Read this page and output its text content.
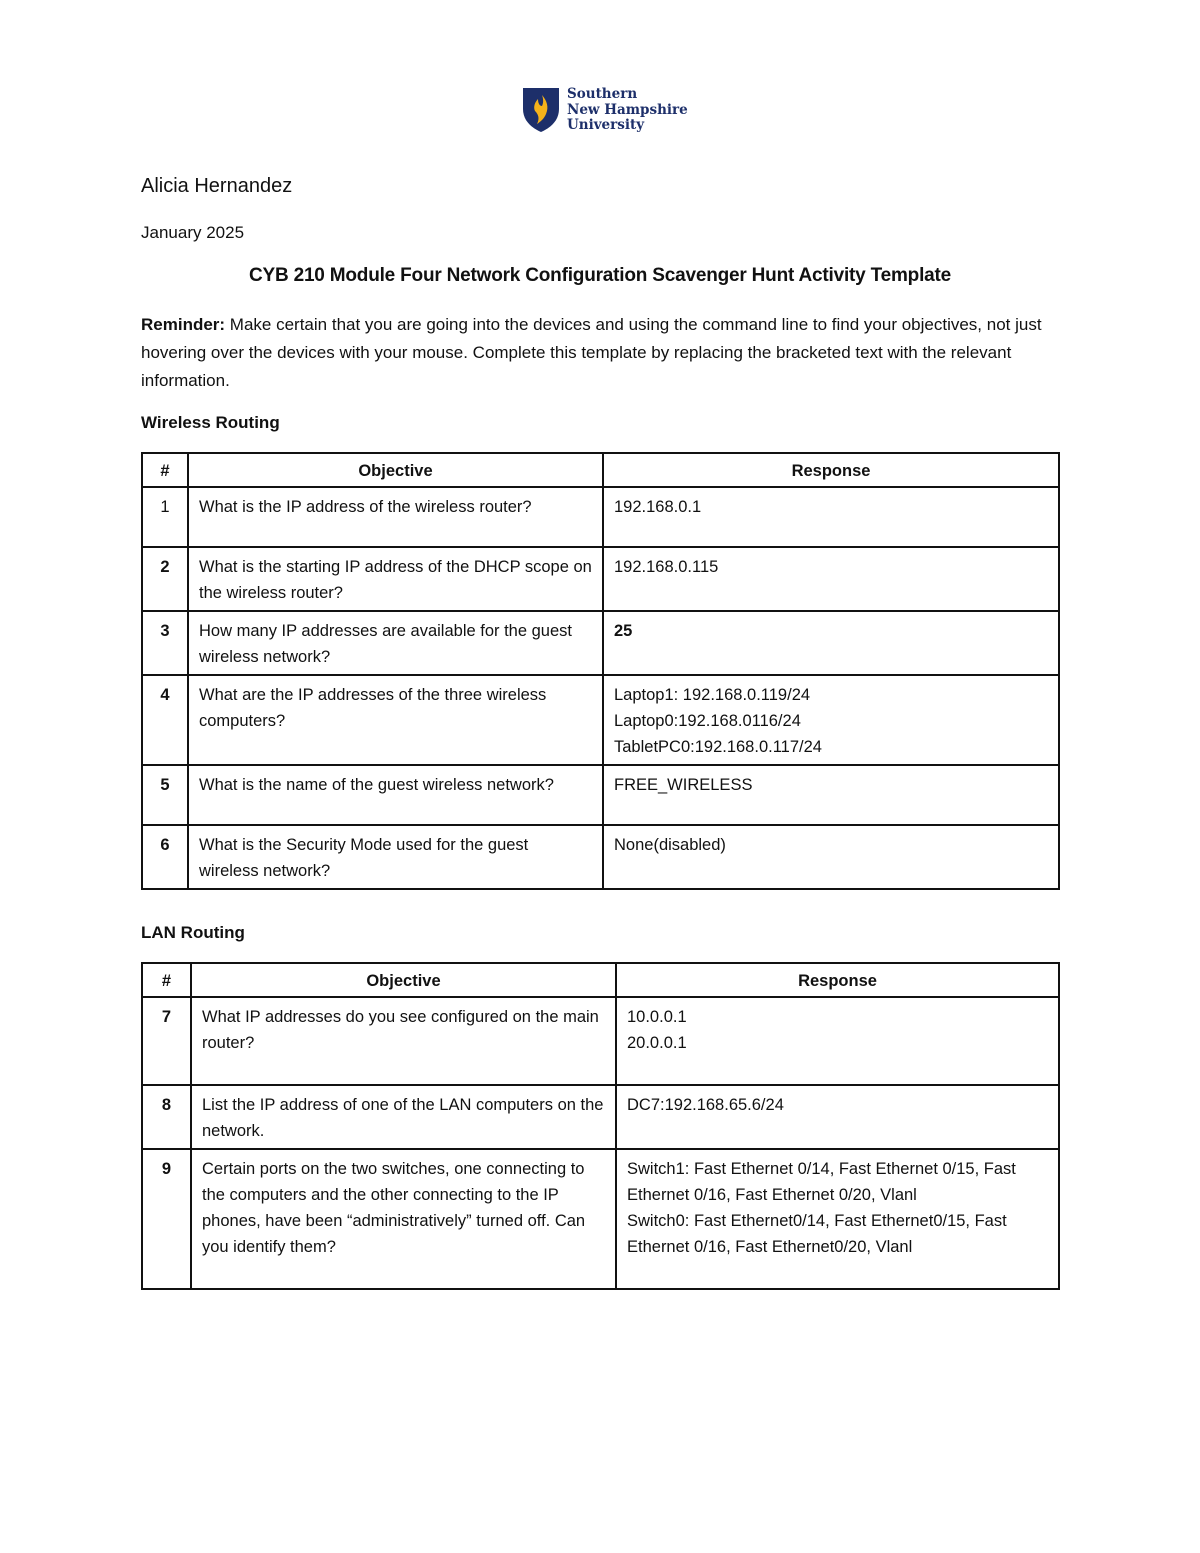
Southern
New Hampshire
University
Alicia Hernandez
January 2025
CYB 210 Module Four Network Configuration Scavenger Hunt Activity Template
Reminder: Make certain that you are going into the devices and using the command line to find your objectives, not just hovering over the devices with your mouse. Complete this template by replacing the bracketed text with the relevant information.
Wireless Routing
#	Objective	Response
1	What is the IP address of the wireless router?	192.168.0.1

2	What is the starting IP address of the DHCP scope on the wireless router?	192.168.0.115

3	How many IP addresses are available for the guest wireless network?	25

4	What are the IP addresses of the three wireless computers?	Laptop1: 192.168.0.119/24
Laptop0:192.168.0116/24
TabletPC0:192.168.0.117/24

5	What is the name of the guest wireless network?	FREE_WIRELESS

6	What is the Security Mode used for the guest wireless network?	None(disabled)
LAN Routing
#	Objective	Response
7	What IP addresses do you see configured on the main router?	10.0.0.1
20.0.0.1

8	List the IP address of one of the LAN computers on the network.	DC7:192.168.65.6/24

9	Certain ports on the two switches, one connecting to the computers and the other connecting to the IP phones, have been “administratively” turned off. Can you identify them?	Switch1: Fast Ethernet 0/14, Fast Ethernet 0/15, Fast Ethernet 0/16, Fast Ethernet 0/20, Vlanl
Switch0: Fast Ethernet0/14, Fast Ethernet0/15, Fast Ethernet 0/16, Fast Ethernet0/20, Vlanl
